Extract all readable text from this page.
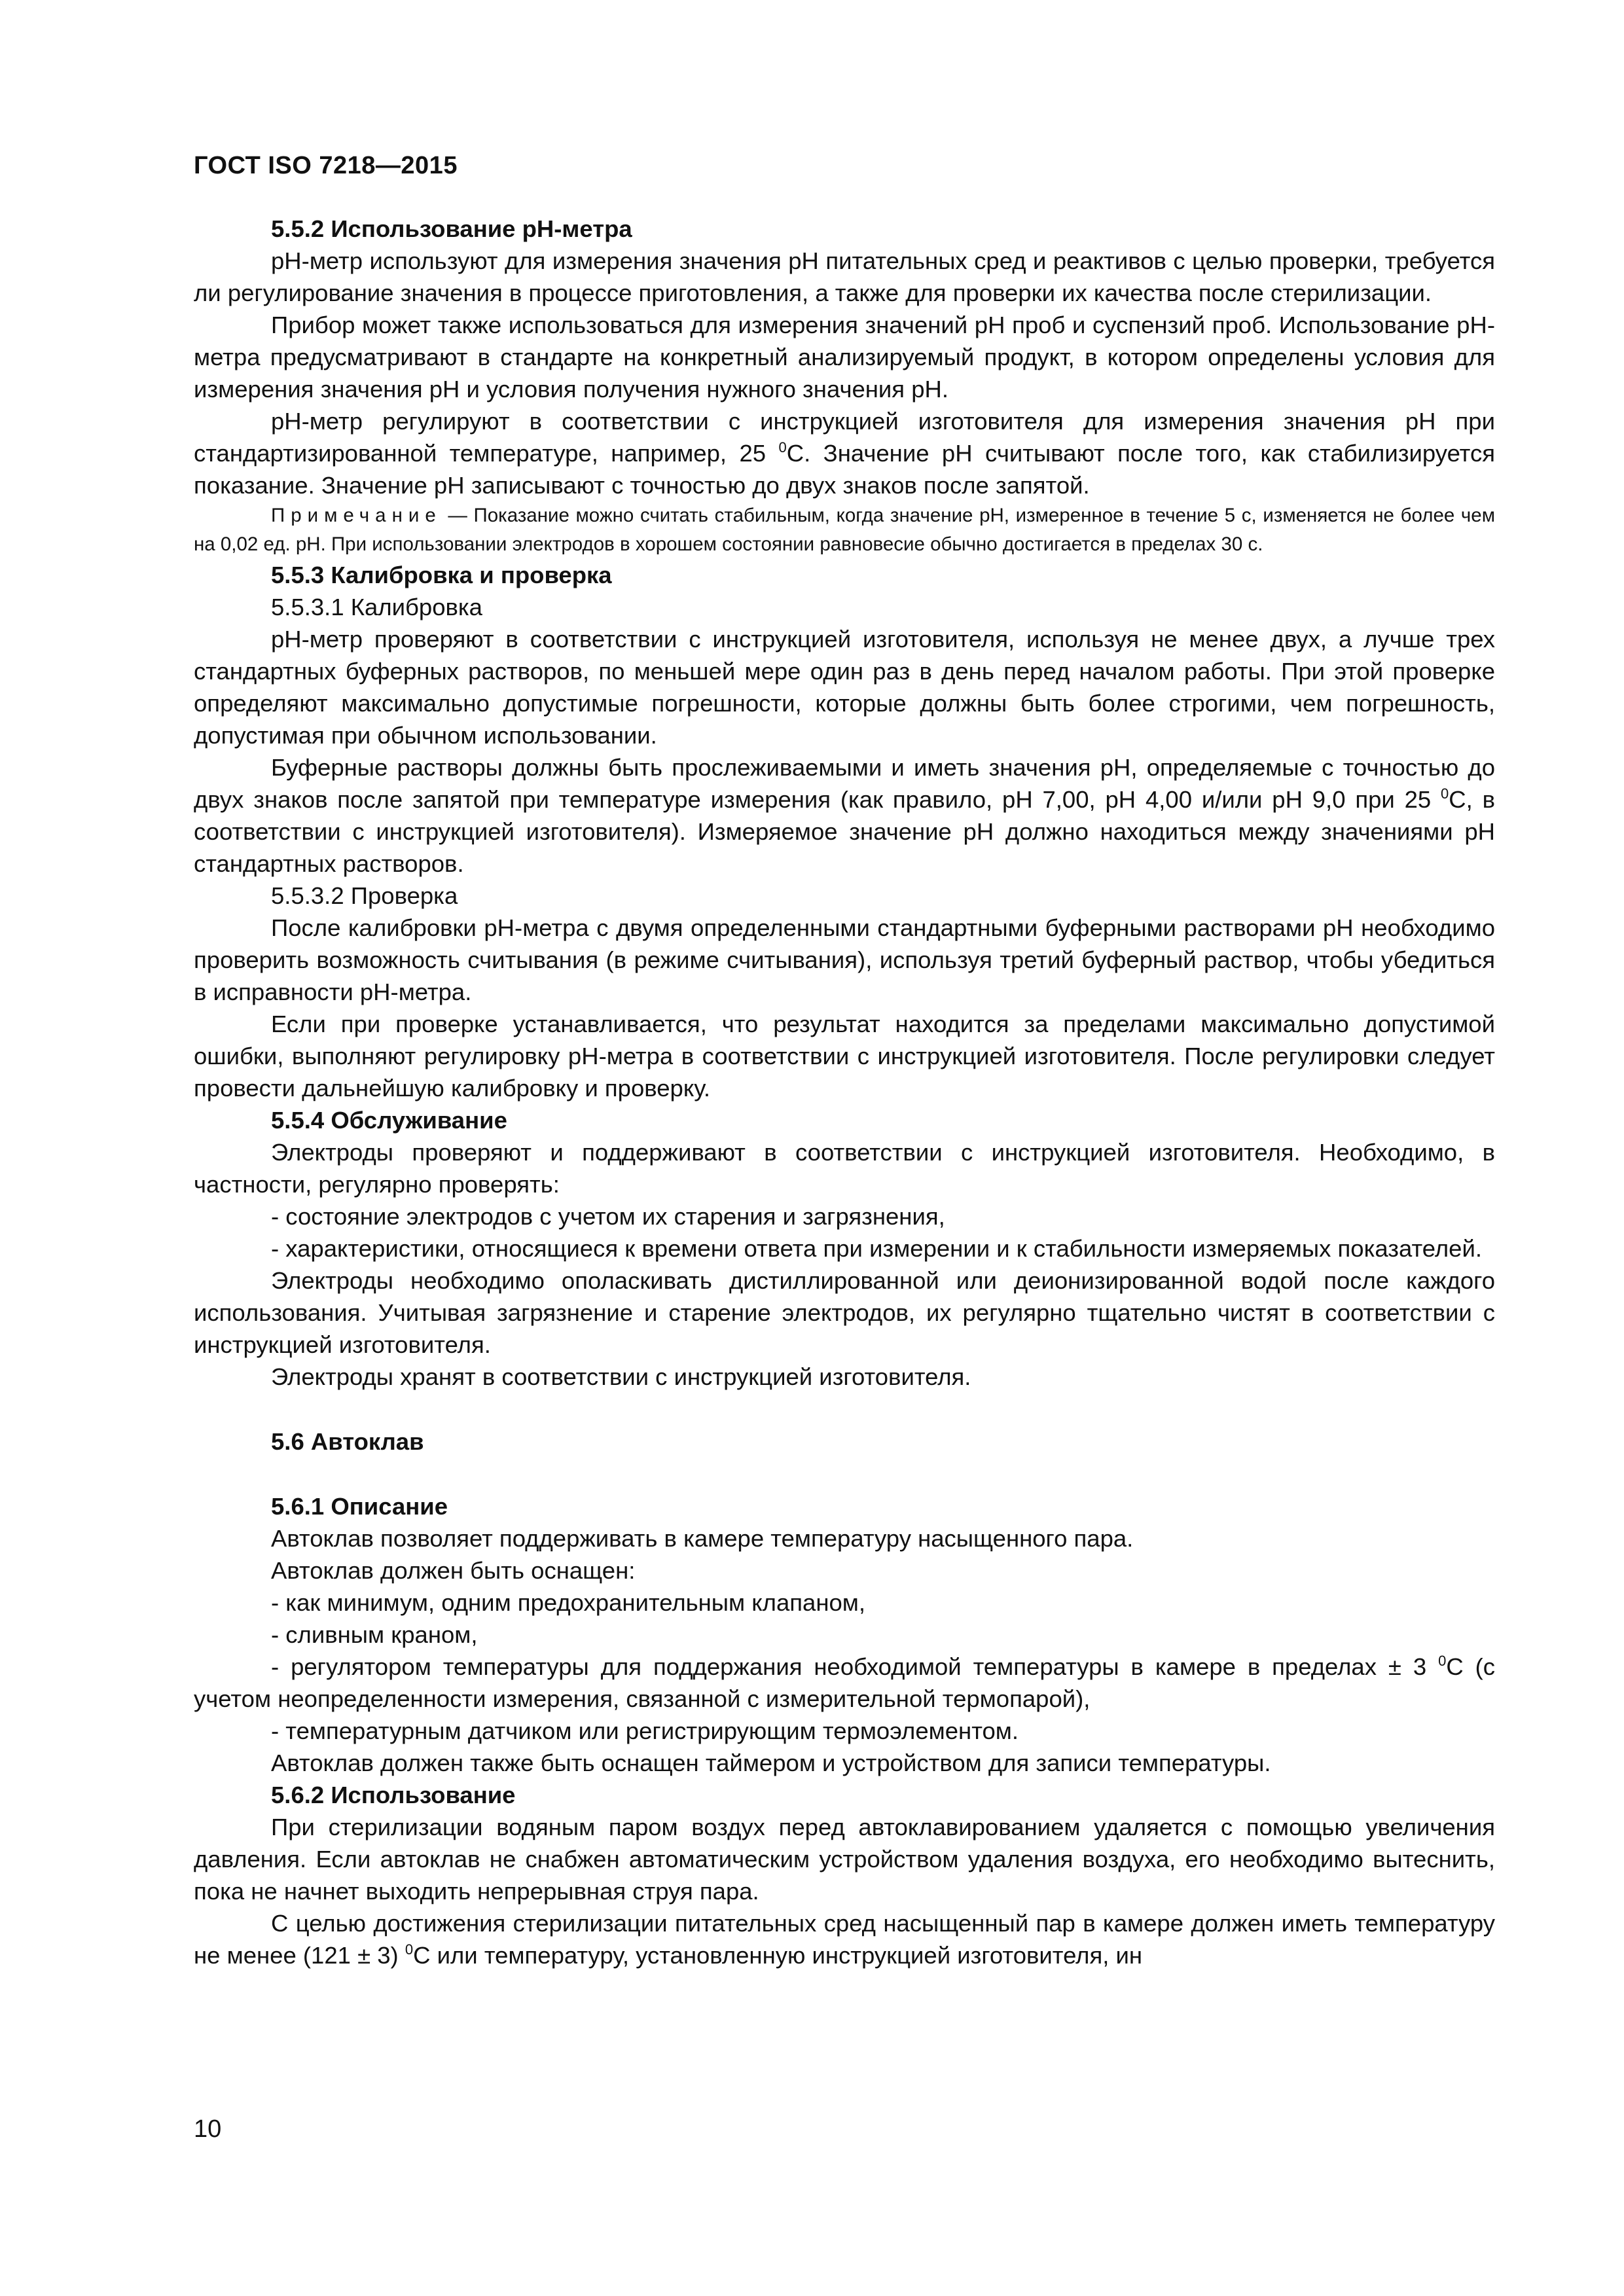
ГОСТ ISO 7218—2015
5.5.2 Использование рН-метра

рН-метр используют для измерения значения рН питательных сред и реактивов с целью проверки, требуется ли регулирование значения в процессе приготовления, а также для проверки их качества после стерилизации.

Прибор может также использоваться для измерения значений рН проб и суспензий проб. Использование рН-метра предусматривают в стандарте на конкретный анализируемый продукт, в котором определены условия для измерения значения рН и условия получения нужного значения рН.

рН-метр регулируют в соответствии с инструкцией изготовителя для измерения значения рН при стандартизированной температуре, например, 25 $^0$С. Значение рН считывают после того, как стабилизируется показание. Значение рН записывают с точностью до двух знаков после запятой.

Примечание — Показание можно считать стабильным, когда значение рН, измеренное в течение 5 с, изменяется не более чем на 0,02 ед. рН. При использовании электродов в хорошем состоянии равновесие обычно достигается в пределах 30 с.
5.5.3 Калибровка и проверка
5.5.3.1 Калибровка

рН-метр проверяют в соответствии с инструкцией изготовителя, используя не менее двух, а лучше трех стандартных буферных растворов, по меньшей мере один раз в день перед началом работы. При этой проверке определяют максимально допустимые погрешности, которые должны быть более строгими, чем погрешность, допустимая при обычном использовании.

Буферные растворы должны быть прослеживаемыми и иметь значения рН, определяемые с точностью до двух знаков после запятой при температуре измерения (как правило, рН 7,00, рН 4,00 и/или рН 9,0 при 25 $^0$С, в соответствии с инструкцией изготовителя). Измеряемое значение рН должно находиться между значениями рН стандартных растворов.

5.5.3.2 Проверка

После калибровки рН-метра с двумя определенными стандартными буферными растворами рН необходимо проверить возможность считывания (в режиме считывания), используя третий буферный раствор, чтобы убедиться в исправности рН-метра.

Если при проверке устанавливается, что результат находится за пределами максимально допустимой ошибки, выполняют регулировку рН-метра в соответствии с инструкцией изготовителя. После регулировки следует провести дальнейшую калибровку и проверку.

5.5.4 Обслуживание

Электроды проверяют и поддерживают в соответствии с инструкцией изготовителя. Необходимо, в частности, регулярно проверять:

- состояние электродов с учетом их старения и загрязнения,

- характеристики, относящиеся к времени ответа при измерении и к стабильности измеряемых показателей.

Электроды необходимо ополаскивать дистиллированной или деионизированной водой после каждого использования. Учитывая загрязнение и старение электродов, их регулярно тщательно чистят в соответствии с инструкцией изготовителя.

Электроды хранят в соответствии с инструкцией изготовителя.

5.6 Автоклав
5.6.1 Описание

Автоклав позволяет поддерживать в камере температуру насыщенного пара.

Автоклав должен быть оснащен:

- как минимум, одним предохранительным клапаном,

- сливным краном,

- регулятором температуры для поддержания необходимой температуры в камере в пределах ± 3 $^0$С (с учетом неопределенности измерения, связанной с измерительной термопарой),

- температурным датчиком или регистрирующим термоэлементом.

Автоклав должен также быть оснащен таймером и устройством для записи температуры.

5.6.2 Использование

При стерилизации водяным паром воздух перед автоклавированием удаляется с помощью увеличения давления. Если автоклав не снабжен автоматическим устройством удаления воздуха, его необходимо вытеснить, пока не начнет выходить непрерывная струя пара.

С целью достижения стерилизации питательных сред насыщенный пар в камере должен иметь температуру не менее (121 ± 3) $^0$С или температуру, установленную инструкцией изготовителя, ин

10
